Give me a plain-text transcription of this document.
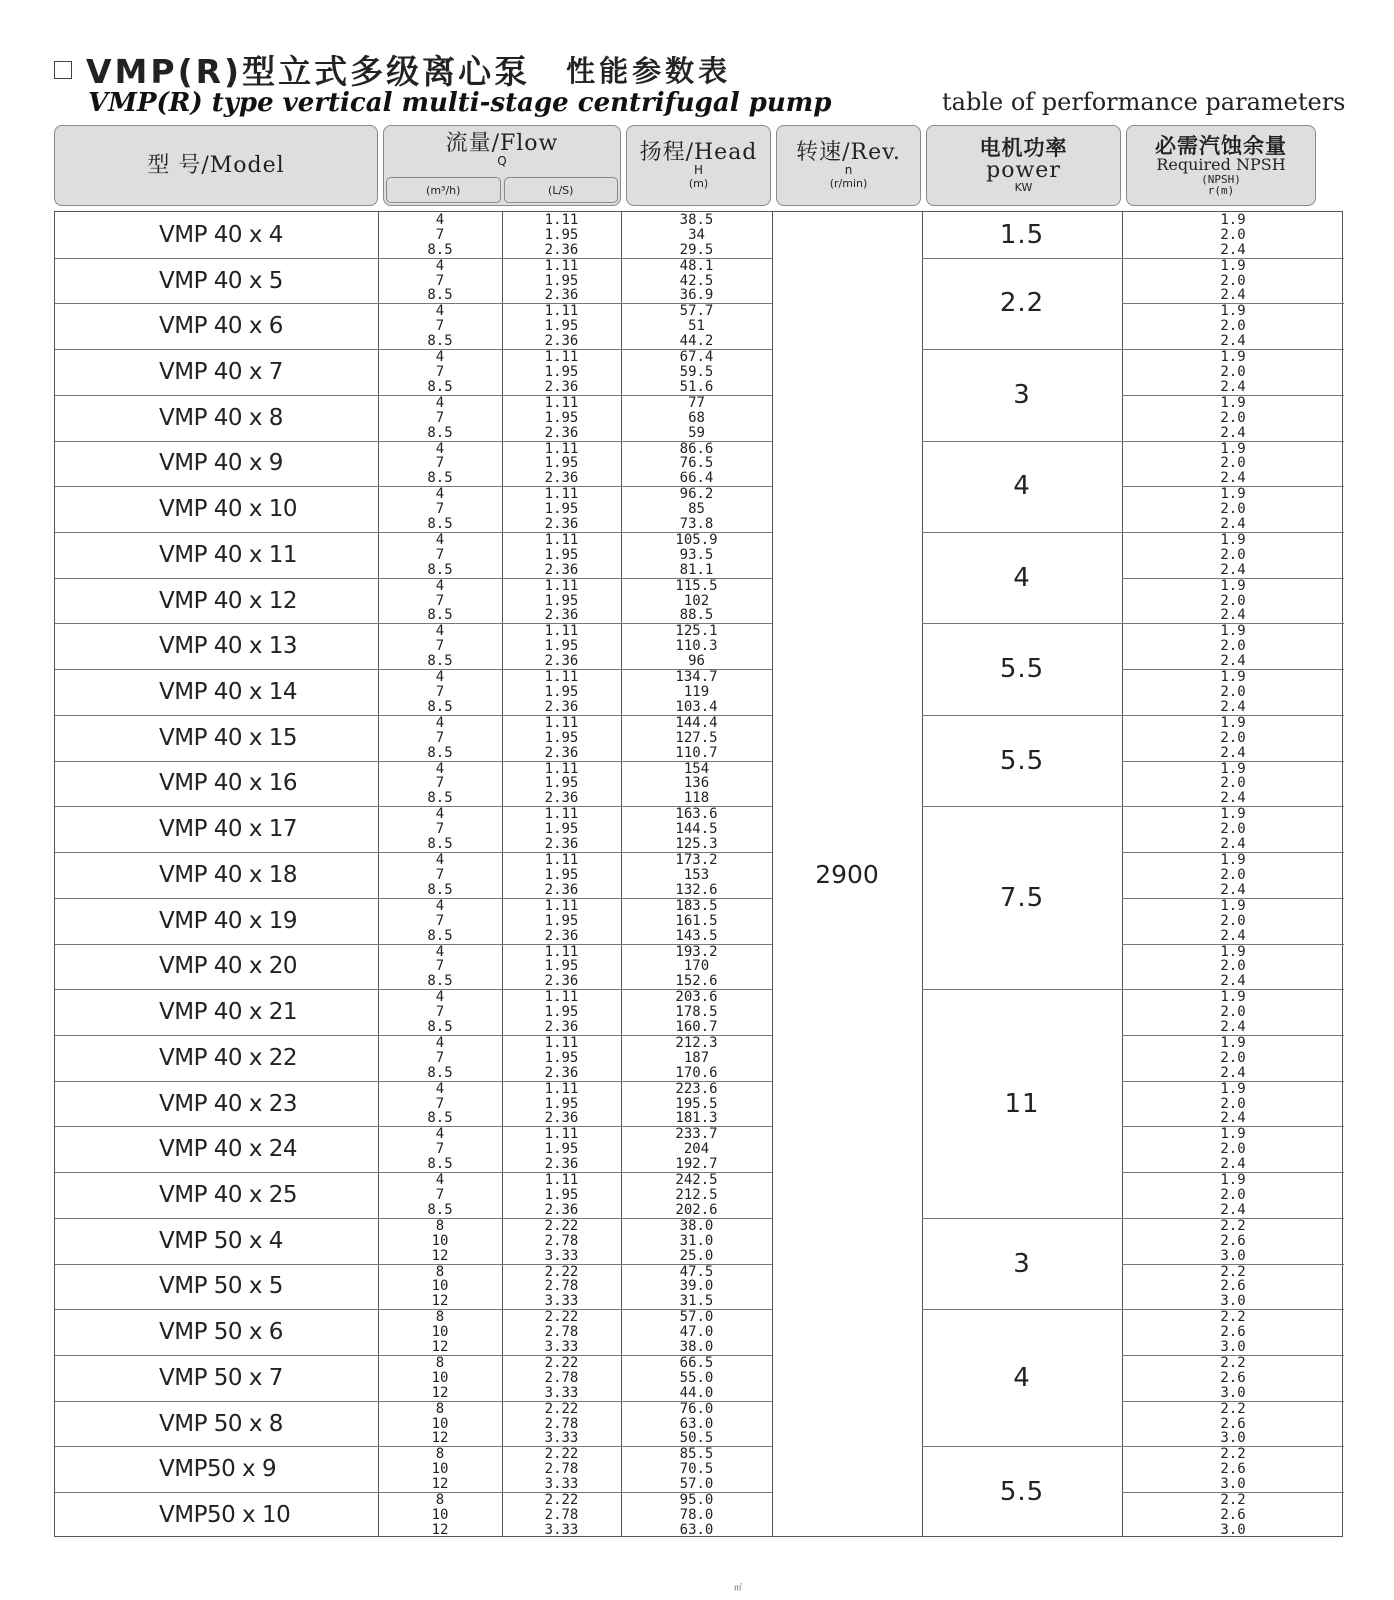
VMP(R)型立式多级离心泵 性能参数表
VMP(R) type vertical multi-stage centrifugal pump	table of performance parameters
型 号/Model
流量/Flow
Q
(m³/h)	(L/S)
扬程/Head
H
(m)
转速/Rev.
n
(r/min)
电机功率
power
KW
必需汽蚀余量
Required NPSH
(NPSH)
r(m)
VMP 40 x 4
4
7
8.5
1.11
1.95
2.36
38.5
34
29.5
1.9
2.0
2.4
VMP 40 x 5
4
7
8.5
1.11
1.95
2.36
48.1
42.5
36.9
1.9
2.0
2.4
VMP 40 x 6
4
7
8.5
1.11
1.95
2.36
57.7
51
44.2
1.9
2.0
2.4
VMP 40 x 7
4
7
8.5
1.11
1.95
2.36
67.4
59.5
51.6
1.9
2.0
2.4
VMP 40 x 8
4
7
8.5
1.11
1.95
2.36
77
68
59
1.9
2.0
2.4
VMP 40 x 9
4
7
8.5
1.11
1.95
2.36
86.6
76.5
66.4
1.9
2.0
2.4
VMP 40 x 10
4
7
8.5
1.11
1.95
2.36
96.2
85
73.8
1.9
2.0
2.4
VMP 40 x 11
4
7
8.5
1.11
1.95
2.36
105.9
93.5
81.1
1.9
2.0
2.4
VMP 40 x 12
4
7
8.5
1.11
1.95
2.36
115.5
102
88.5
1.9
2.0
2.4
VMP 40 x 13
4
7
8.5
1.11
1.95
2.36
125.1
110.3
96
1.9
2.0
2.4
VMP 40 x 14
4
7
8.5
1.11
1.95
2.36
134.7
119
103.4
1.9
2.0
2.4
VMP 40 x 15
4
7
8.5
1.11
1.95
2.36
144.4
127.5
110.7
1.9
2.0
2.4
VMP 40 x 16
4
7
8.5
1.11
1.95
2.36
154
136
118
1.9
2.0
2.4
VMP 40 x 17
4
7
8.5
1.11
1.95
2.36
163.6
144.5
125.3
1.9
2.0
2.4
VMP 40 x 18
4
7
8.5
1.11
1.95
2.36
173.2
153
132.6
1.9
2.0
2.4
VMP 40 x 19
4
7
8.5
1.11
1.95
2.36
183.5
161.5
143.5
1.9
2.0
2.4
VMP 40 x 20
4
7
8.5
1.11
1.95
2.36
193.2
170
152.6
1.9
2.0
2.4
VMP 40 x 21
4
7
8.5
1.11
1.95
2.36
203.6
178.5
160.7
1.9
2.0
2.4
VMP 40 x 22
4
7
8.5
1.11
1.95
2.36
212.3
187
170.6
1.9
2.0
2.4
VMP 40 x 23
4
7
8.5
1.11
1.95
2.36
223.6
195.5
181.3
1.9
2.0
2.4
VMP 40 x 24
4
7
8.5
1.11
1.95
2.36
233.7
204
192.7
1.9
2.0
2.4
VMP 40 x 25
4
7
8.5
1.11
1.95
2.36
242.5
212.5
202.6
1.9
2.0
2.4
VMP 50 x 4
8
10
12
2.22
2.78
3.33
38.0
31.0
25.0
2.2
2.6
3.0
VMP 50 x 5
8
10
12
2.22
2.78
3.33
47.5
39.0
31.5
2.2
2.6
3.0
VMP 50 x 6
8
10
12
2.22
2.78
3.33
57.0
47.0
38.0
2.2
2.6
3.0
VMP 50 x 7
8
10
12
2.22
2.78
3.33
66.5
55.0
44.0
2.2
2.6
3.0
VMP 50 x 8
8
10
12
2.22
2.78
3.33
76.0
63.0
50.5
2.2
2.6
3.0
VMP50 x 9
8
10
12
2.22
2.78
3.33
85.5
70.5
57.0
2.2
2.6
3.0
VMP50 x 10
8
10
12
2.22
2.78
3.33
95.0
78.0
63.0
2.2
2.6
3.0
2900
1.5
2.2
3
4
4
5.5
5.5
7.5
11
3
4
5.5
㎡
